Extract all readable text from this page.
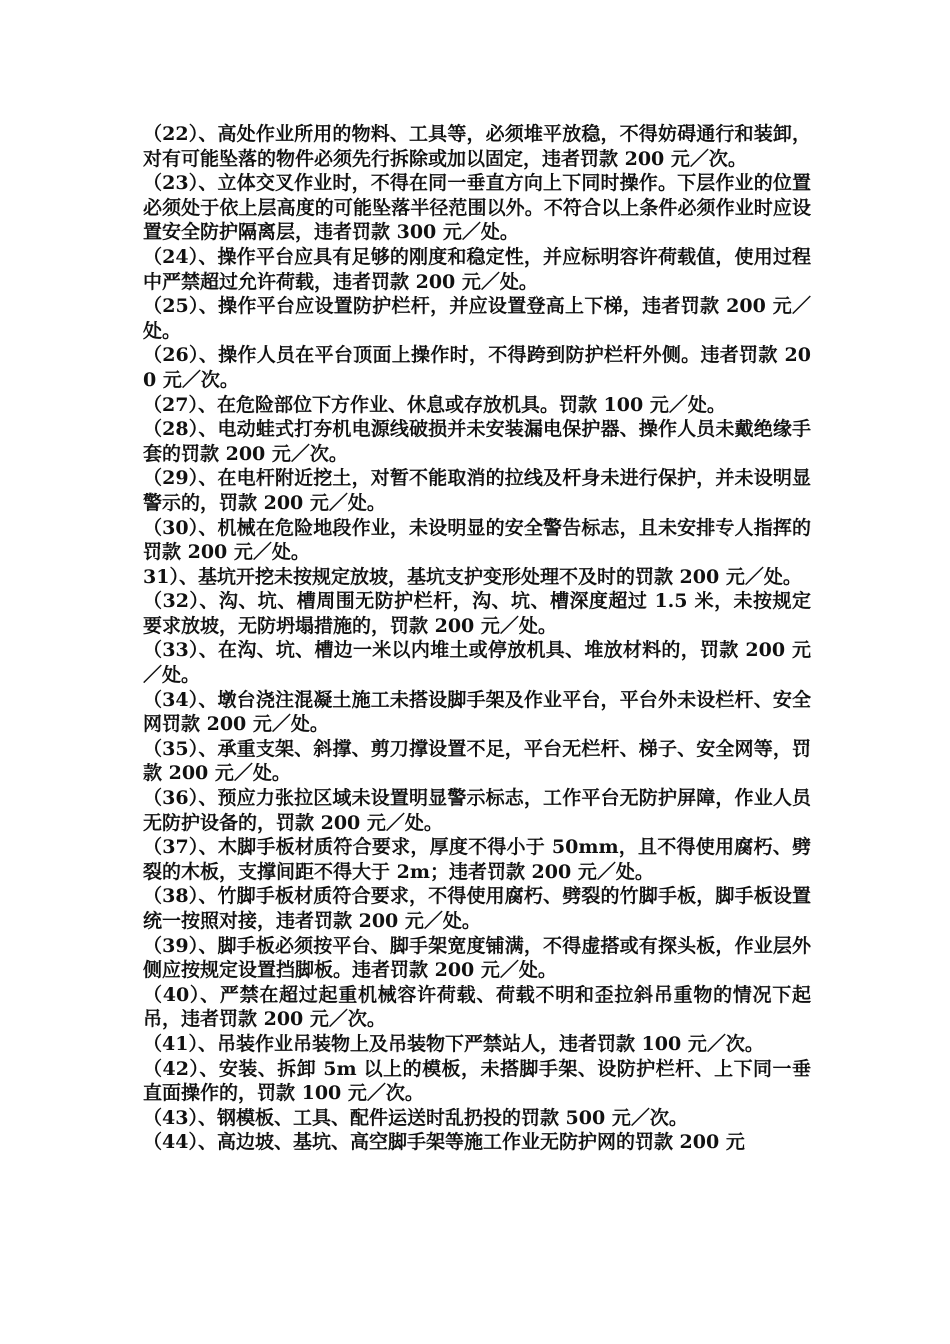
（22）、高处作业所用的物料、工具等，必须堆平放稳，不得妨碍通行和装卸，对有可能坠落的物件必须先行拆除或加以固定，违者罚款 200 元／次。

（23）、立体交叉作业时，不得在同一垂直方向上下同时操作。下层作业的位置必须处于依上层高度的可能坠落半径范围以外。不符合以上条件必须作业时应设置安全防护隔离层，违者罚款 300 元／处。

（24）、操作平台应具有足够的刚度和稳定性，并应标明容许荷载值，使用过程中严禁超过允许荷载，违者罚款 200 元／处。

（25）、操作平台应设置防护栏杆，并应设置登高上下梯，违者罚款 200 元／处。

（26）、操作人员在平台顶面上操作时，不得跨到防护栏杆外侧。违者罚款 200 元／次。

（27）、在危险部位下方作业、休息或存放机具。罚款 100 元／处。

（28）、电动蛙式打夯机电源线破损并未安装漏电保护器、操作人员未戴绝缘手套的罚款 200 元／次。

（29）、在电杆附近挖土，对暂不能取消的拉线及杆身未进行保护，并未设明显警示的，罚款 200 元／处。

（30）、机械在危险地段作业，未设明显的安全警告标志，且未安排专人指挥的罚款 200 元／处。

31）、基坑开挖未按规定放坡，基坑支护变形处理不及时的罚款 200 元／处。

（32）、沟、坑、槽周围无防护栏杆，沟、坑、槽深度超过 1.5 米，未按规定要求放坡，无防坍塌措施的，罚款 200 元／处。

（33）、在沟、坑、槽边一米以内堆土或停放机具、堆放材料的，罚款 200 元／处。

（34）、墩台浇注混凝土施工未搭设脚手架及作业平台，平台外未设栏杆、安全网罚款 200 元／处。

（35）、承重支架、斜撑、剪刀撑设置不足，平台无栏杆、梯子、安全网等，罚款 200 元／处。

（36）、预应力张拉区域未设置明显警示标志，工作平台无防护屏障，作业人员无防护设备的，罚款 200 元／处。

（37）、木脚手板材质符合要求，厚度不得小于 50mm，且不得使用腐朽、劈裂的木板，支撑间距不得大于 2m；违者罚款 200 元／处。

（38）、竹脚手板材质符合要求，不得使用腐朽、劈裂的竹脚手板，脚手板设置统一按照对接，违者罚款 200 元／处。

（39）、脚手板必须按平台、脚手架宽度铺满，不得虚搭或有探头板，作业层外侧应按规定设置挡脚板。违者罚款 200 元／处。

（40）、严禁在超过起重机械容许荷载、荷载不明和歪拉斜吊重物的情况下起吊，违者罚款 200 元／次。

（41）、吊装作业吊装物上及吊装物下严禁站人，违者罚款 100 元／次。

（42）、安装、拆卸 5m 以上的模板，未搭脚手架、设防护栏杆、上下同一垂直面操作的，罚款 100 元／次。

（43）、钢模板、工具、配件运送时乱扔投的罚款 500 元／次。

（44）、高边坡、基坑、高空脚手架等施工作业无防护网的罚款 200 元
